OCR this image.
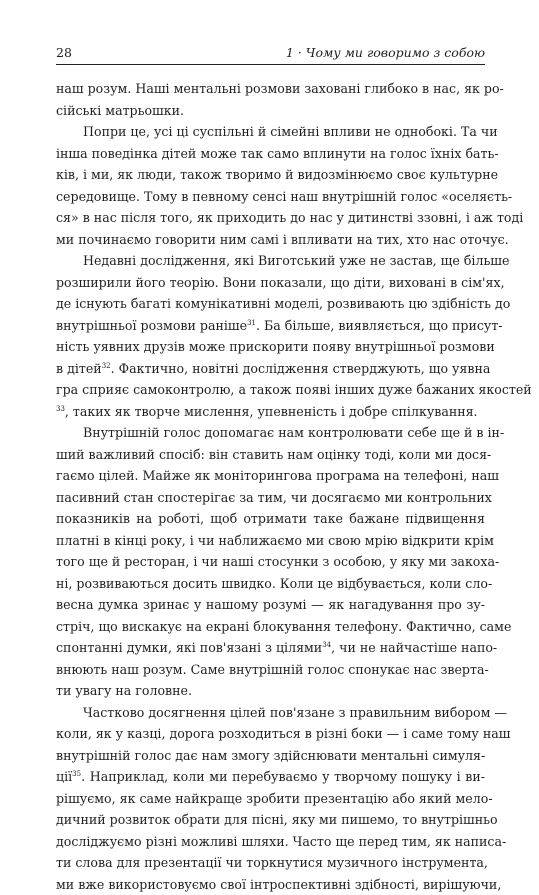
28	1 · Чому ми говоримо з собою

наш розум. Наші ментальні розмови заховані глибоко в нас, як ро-
сійські матрьошки.

Попри це, усі ці суспільні й сімейні впливи не однобокі. Та чи
інша поведінка дітей може так само вплинути на голос їхніх бать-
ків, і ми, як люди, також творимо й видозмінюємо своє культурне
середовище. Тому в певному сенсі наш внутрішній голос «оселяєть-
ся» в нас після того, як приходить до нас у дитинстві ззовні, і аж тоді
ми починаємо говорити ним самі і впливати на тих, хто нас оточує.

Недавні дослідження, які Виготський уже не застав, ще більше
розширили його теорію. Вони показали, що діти, виховані в сім'ях,
де існують багаті комунікативні моделі, розвивають цю здібність до
внутрішньої розмови раніше$^{31}$. Ба більше, виявляється, що присут-
ність уявних друзів може прискорити появу внутрішньої розмови
в дітей$^{32}$. Фактично, новітні дослідження стверджують, що уявна
гра сприяє самоконтролю, а також появі інших дуже бажаних якостей
$^{33}$, таких як творче мислення, упевненість і добре спілкування.

Внутрішній голос допомагає нам контролювати себе ще й в ін-
ший важливий спосіб: він ставить нам оцінку тоді, коли ми дося-
гаємо цілей. Майже як моніторингова програма на телефоні, наш
пасивний стан спостерігає за тим, чи досягаємо ми контрольних
показників на роботі, щоб отримати таке бажане підвищення
платні в кінці року, і чи наближаємо ми свою мрію відкрити крім
того ще й ресторан, і чи наші стосунки з особою, у яку ми закоха-
ні, розвиваються досить швидко. Коли це відбувається, коли сло-
весна думка зринає у нашому розумі — як нагадування про зу-
стріч, що вискакує на екрані блокування телефону. Фактично, саме
спонтанні думки, які пов'язані з цілями$^{34}$, чи не найчастіше напо-
внюють наш розум. Саме внутрішній голос спонукає нас зверта-
ти увагу на головне.

Частково досягнення цілей пов'язане з правильним вибором —
коли, як у казці, дорога розходиться в різні боки — і саме тому наш
внутрішній голос дає нам змогу здійснювати ментальні симуля-
ції$^{35}$. Наприклад, коли ми перебуваємо у творчому пошуку і ви-
рішуємо, як саме найкраще зробити презентацію або який мело-
дичний розвиток обрати для пісні, яку ми пишемо, то внутрішньо
досліджуємо різні можливі шляхи. Часто ще перед тим, як написа-
ти слова для презентації чи торкнутися музичного інструмента,
ми вже використовуємо свої інтроспективні здібності, вирішуючи,
